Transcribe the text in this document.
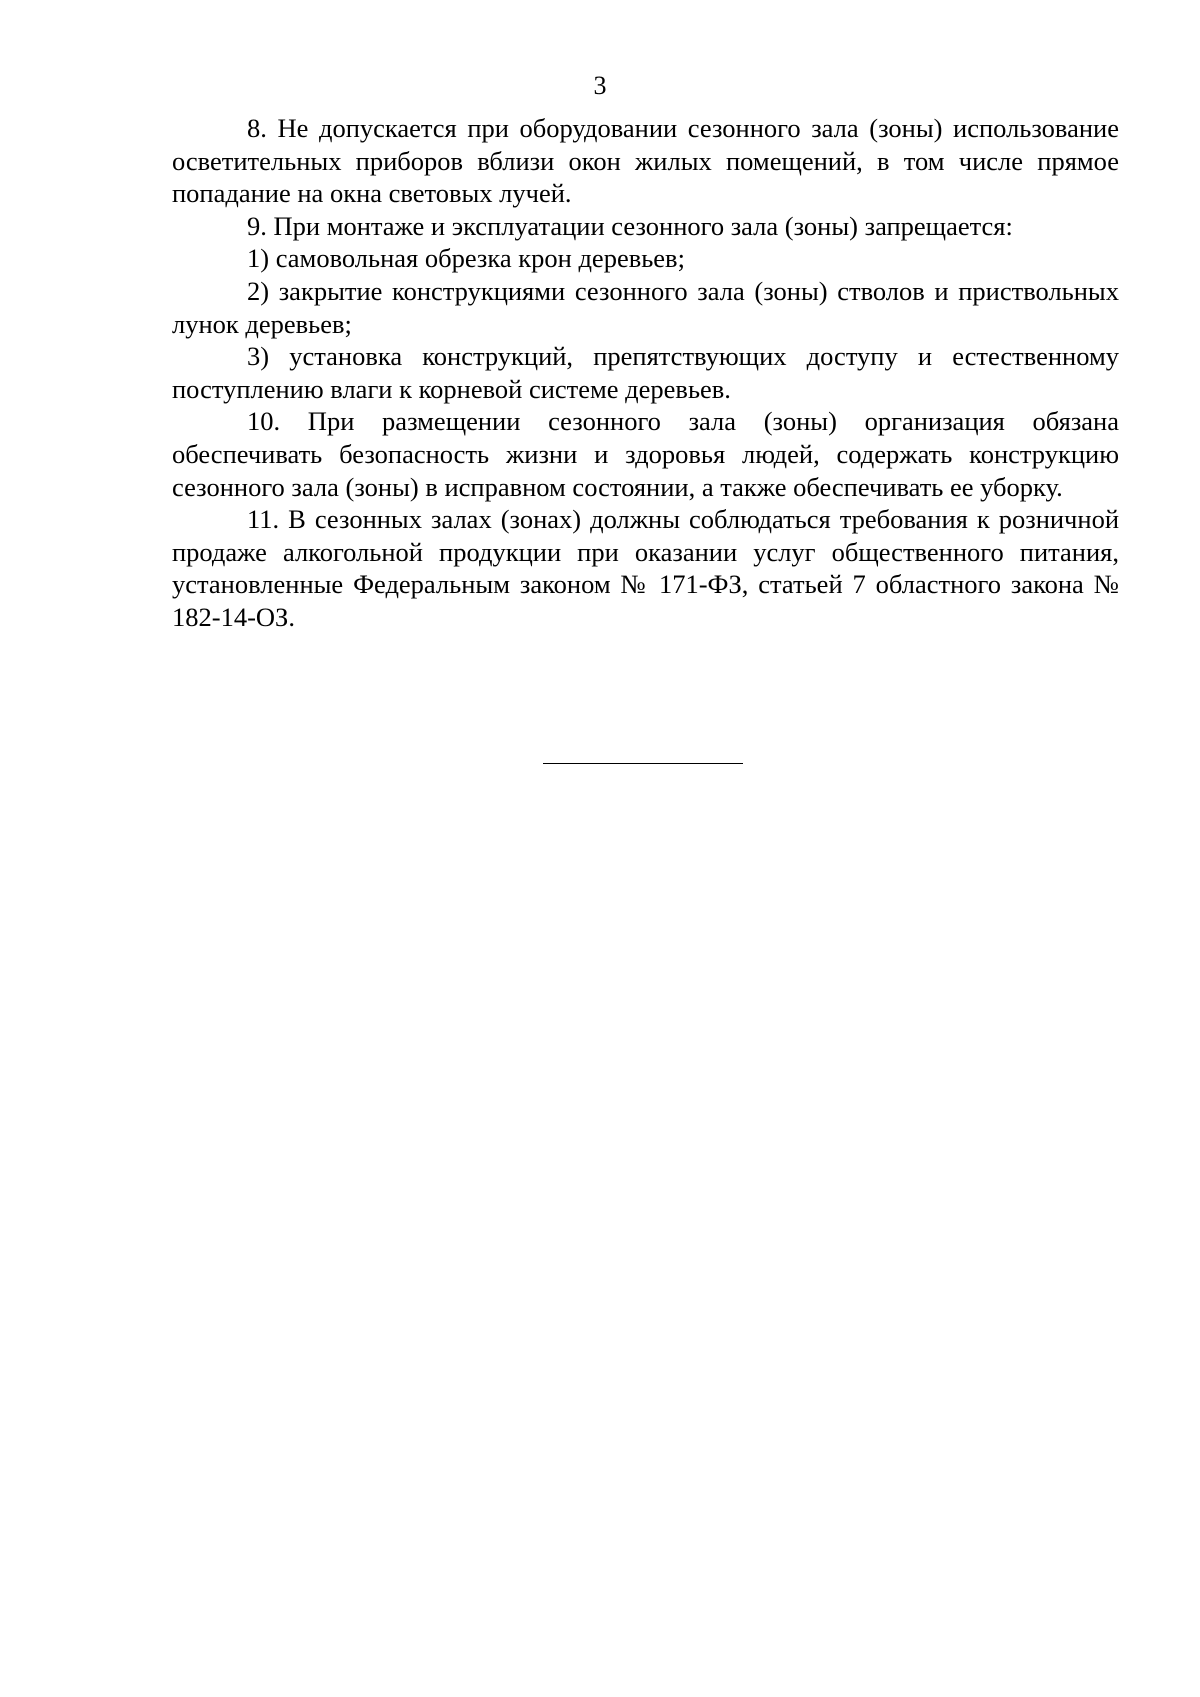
3

8. Не допускается при оборудовании сезонного зала (зоны) использование осветительных приборов вблизи окон жилых помещений, в том числе прямое попадание на окна световых лучей.

9. При монтаже и эксплуатации сезонного зала (зоны) запрещается:

1) самовольная обрезка крон деревьев;

2) закрытие конструкциями сезонного зала (зоны) стволов и приствольных лунок деревьев;

3) установка конструкций, препятствующих доступу и естественному поступлению влаги к корневой системе деревьев.

10. При размещении сезонного зала (зоны) организация обязана обеспечивать безопасность жизни и здоровья людей, содержать конструкцию сезонного зала (зоны) в исправном состоянии, а также обеспечивать ее уборку.

11. В сезонных залах (зонах) должны соблюдаться требования к розничной продаже алкогольной продукции при оказании услуг общественного питания, установленные Федеральным законом № 171-ФЗ, статьей 7 областного закона № 182-14-ОЗ.
